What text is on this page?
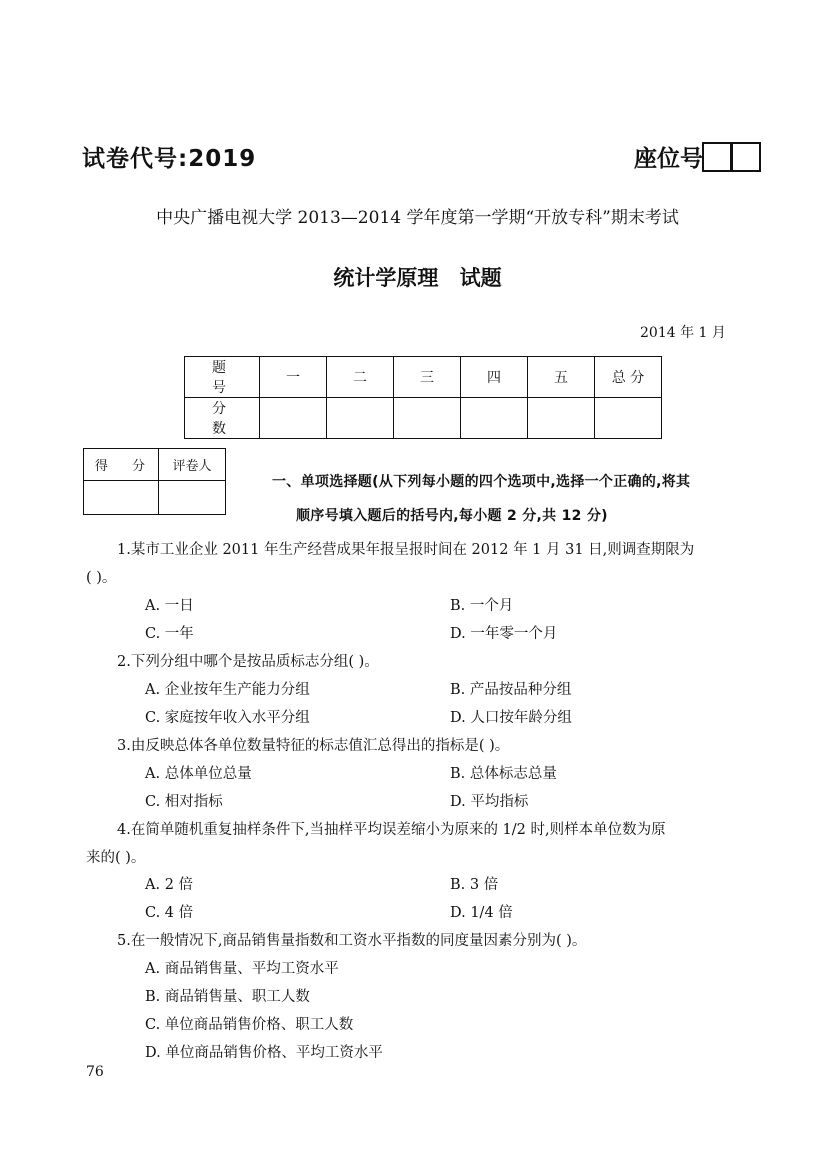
试卷代号:2019	座位号
中央广播电视大学 2013—2014 学年度第一学期“开放专科”期末考试
统计学原理 试题
2014 年 1 月
题 号	一	二	三	四	五	总 分
分 数						
得 分	评卷人

一、单项选择题(从下列每小题的四个选项中,选择一个正确的,将其
顺序号填入题后的括号内,每小题 2 分,共 12 分)
1.某市工业企业 2011 年生产经营成果年报呈报时间在 2012 年 1 月 31 日,则调查期限为
( )。
A. 一日	B. 一个月
C. 一年	D. 一年零一个月
2.下列分组中哪个是按品质标志分组( )。
A. 企业按年生产能力分组	B. 产品按品种分组
C. 家庭按年收入水平分组	D. 人口按年龄分组
3.由反映总体各单位数量特征的标志值汇总得出的指标是( )。
A. 总体单位总量	B. 总体标志总量
C. 相对指标	D. 平均指标
4.在简单随机重复抽样条件下,当抽样平均误差缩小为原来的 1/2 时,则样本单位数为原
来的( )。
A. 2 倍	B. 3 倍
C. 4 倍	D. 1/4 倍
5.在一般情况下,商品销售量指数和工资水平指数的同度量因素分别为( )。
A. 商品销售量、平均工资水平
B. 商品销售量、职工人数
C. 单位商品销售价格、职工人数
D. 单位商品销售价格、平均工资水平
76
